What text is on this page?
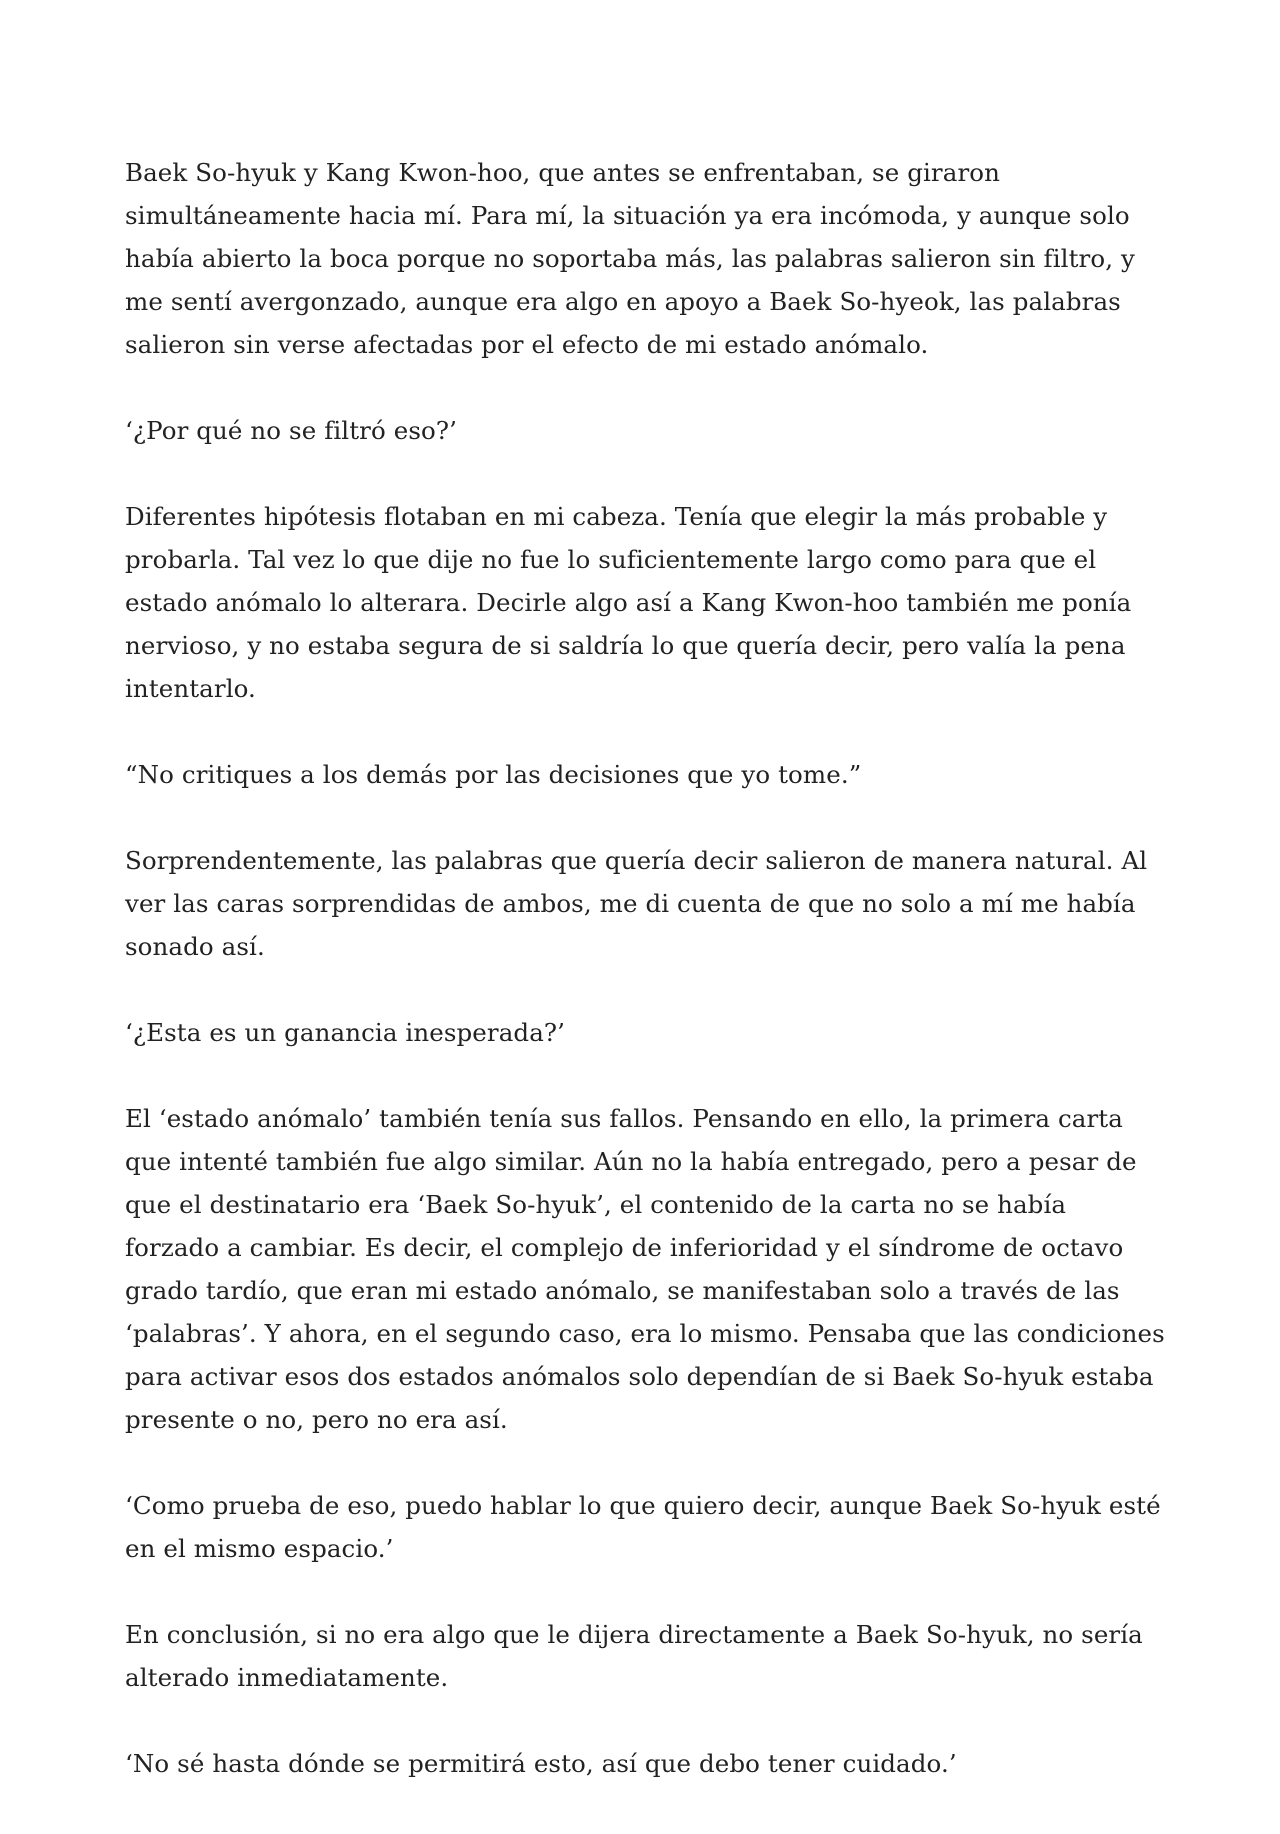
Baek So-hyuk y Kang Kwon-hoo, que antes se enfrentaban, se giraron simultáneamente hacia mí. Para mí, la situación ya era incómoda, y aunque solo había abierto la boca porque no soportaba más, las palabras salieron sin filtro, y me sentí avergonzado, aunque era algo en apoyo a Baek So-hyeok, las palabras salieron sin verse afectadas por el efecto de mi estado anómalo.

‘¿Por qué no se filtró eso?’

Diferentes hipótesis flotaban en mi cabeza. Tenía que elegir la más probable y probarla. Tal vez lo que dije no fue lo suficientemente largo como para que el estado anómalo lo alterara. Decirle algo así a Kang Kwon-hoo también me ponía nervioso, y no estaba segura de si saldría lo que quería decir, pero valía la pena intentarlo.

“No critiques a los demás por las decisiones que yo tome.”

Sorprendentemente, las palabras que quería decir salieron de manera natural. Al ver las caras sorprendidas de ambos, me di cuenta de que no solo a mí me había sonado así.

‘¿Esta es un ganancia inesperada?’

El ‘estado anómalo’ también tenía sus fallos. Pensando en ello, la primera carta que intenté también fue algo similar. Aún no la había entregado, pero a pesar de que el destinatario era ‘Baek So-hyuk’, el contenido de la carta no se había forzado a cambiar. Es decir, el complejo de inferioridad y el síndrome de octavo grado tardío, que eran mi estado anómalo, se manifestaban solo a través de las ‘palabras’. Y ahora, en el segundo caso, era lo mismo. Pensaba que las condiciones para activar esos dos estados anómalos solo dependían de si Baek So-hyuk estaba presente o no, pero no era así.

‘Como prueba de eso, puedo hablar lo que quiero decir, aunque Baek So-hyuk esté en el mismo espacio.’

En conclusión, si no era algo que le dijera directamente a Baek So-hyuk, no sería alterado inmediatamente.

‘No sé hasta dónde se permitirá esto, así que debo tener cuidado.’
